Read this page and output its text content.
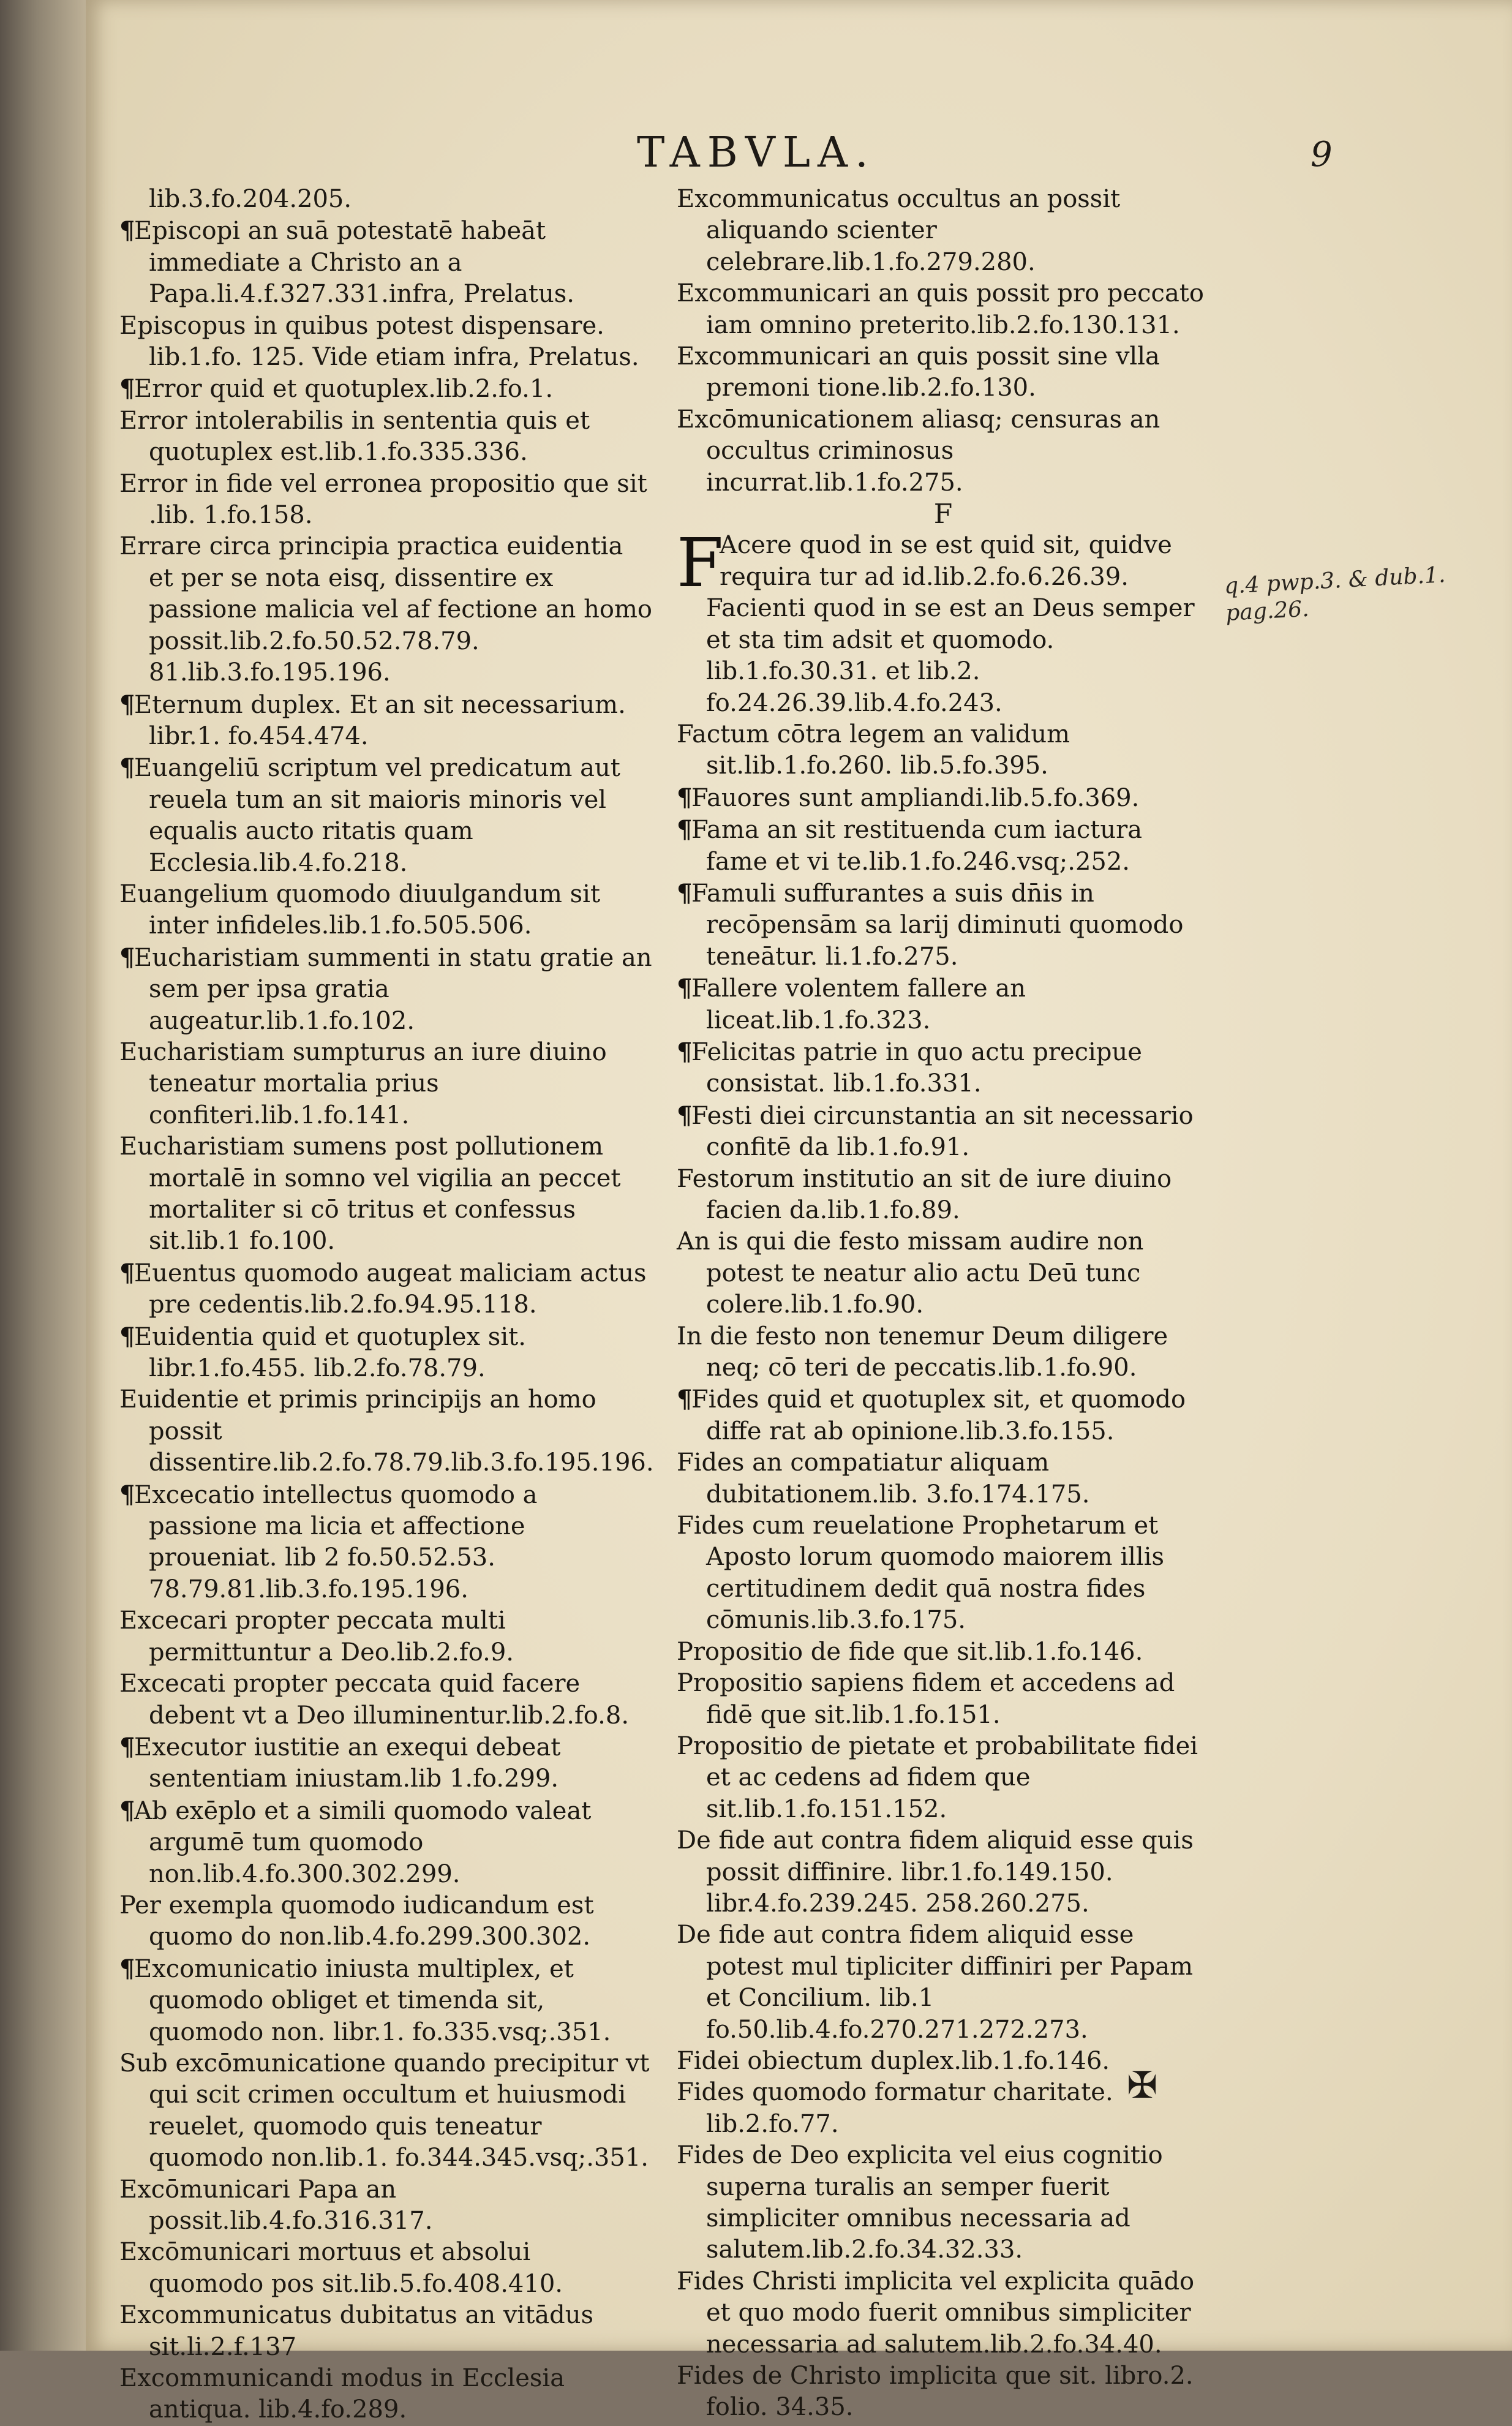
TABVLA.	9

lib.3.fo.204.205.

¶Episcopi an suā potestatē habeāt immediate a Christo an a Papa.li.4.f.327.331.infra, Prelatus.

Episcopus in quibus potest dispensare. lib.1.fo. 125. Vide etiam infra, Prelatus.

¶Error quid et quotuplex.lib.2.fo.1.

Error intolerabilis in sententia quis et quotuplex est.lib.1.fo.335.336.

Error in fide vel erronea propositio que sit .lib. 1.fo.158.

Errare circa principia practica euidentia et per se nota eisq, dissentire ex passione malicia vel af fectione an homo possit.lib.2.fo.50.52.78.79. 81.lib.3.fo.195.196.

¶Eternum duplex. Et an sit necessarium. libr.1. fo.454.474.

¶Euangeliū scriptum vel predicatum aut reuela tum an sit maioris minoris vel equalis aucto ritatis quam Ecclesia.lib.4.fo.218.

Euangelium quomodo diuulgandum sit inter infideles.lib.1.fo.505.506.

¶Eucharistiam summenti in statu gratie an sem per ipsa gratia augeatur.lib.1.fo.102.

Eucharistiam sumpturus an iure diuino teneatur mortalia prius confiteri.lib.1.fo.141.

Eucharistiam sumens post pollutionem mortalē in somno vel vigilia an peccet mortaliter si cō tritus et confessus sit.lib.1 fo.100.

¶Euentus quomodo augeat maliciam actus pre cedentis.lib.2.fo.94.95.118.

¶Euidentia quid et quotuplex sit. libr.1.fo.455. lib.2.fo.78.79.

Euidentie et primis principijs an homo possit dissentire.lib.2.fo.78.79.lib.3.fo.195.196.

¶Excecatio intellectus quomodo a passione ma licia et affectione proueniat. lib 2 fo.50.52.53. 78.79.81.lib.3.fo.195.196.

Excecari propter peccata multi permittuntur a Deo.lib.2.fo.9.

Excecati propter peccata quid facere debent vt a Deo illuminentur.lib.2.fo.8.

¶Executor iustitie an exequi debeat sententiam iniustam.lib 1.fo.299.

¶Ab exēplo et a simili quomodo valeat argumē tum quomodo non.lib.4.fo.300.302.299.

Per exempla quomodo iudicandum est quomo do non.lib.4.fo.299.300.302.

¶Excomunicatio iniusta multiplex, et quomodo obliget et timenda sit, quomodo non. libr.1. fo.335.vsq;.351.

Sub excōmunicatione quando precipitur vt qui scit crimen occultum et huiusmodi reuelet, quomodo quis teneatur quomodo non.lib.1. fo.344.345.vsq;.351.

Excōmunicari Papa an possit.lib.4.fo.316.317.

Excōmunicari mortuus et absolui quomodo pos sit.lib.5.fo.408.410.

Excommunicatus dubitatus an vitādus sit.li.2.f.137

Excommunicandi modus in Ecclesia antiqua. lib.4.fo.289.

Excommunicatus occultus an possit aliquando scienter celebrare.lib.1.fo.279.280.

Excommunicari an quis possit pro peccato iam omnino preterito.lib.2.fo.130.131.

Excommunicari an quis possit sine vlla premoni tione.lib.2.fo.130.

Excōmunicationem aliasq; censuras an occultus criminosus incurrat.lib.1.fo.275.

F

F
Acere quod in se est quid sit, quidve requira tur ad id.lib.2.fo.6.26.39.

Facienti quod in se est an Deus semper et sta tim adsit et quomodo. lib.1.fo.30.31. et lib.2. fo.24.26.39.lib.4.fo.243.

Factum cōtra legem an validum sit.lib.1.fo.260. lib.5.fo.395.

¶Fauores sunt ampliandi.lib.5.fo.369.

¶Fama an sit restituenda cum iactura fame et vi te.lib.1.fo.246.vsq;.252.

¶Famuli suffurantes a suis dn̄is in recōpensām sa larij diminuti quomodo teneātur. li.1.fo.275.

¶Fallere volentem fallere an liceat.lib.1.fo.323.

¶Felicitas patrie in quo actu precipue consistat. lib.1.fo.331.

¶Festi diei circunstantia an sit necessario confitē da lib.1.fo.91.

Festorum institutio an sit de iure diuino facien da.lib.1.fo.89.

An is qui die festo missam audire non potest te neatur alio actu Deū tunc colere.lib.1.fo.90.

In die festo non tenemur Deum diligere neq; cō teri de peccatis.lib.1.fo.90.

¶Fides quid et quotuplex sit, et quomodo diffe rat ab opinione.lib.3.fo.155.

Fides an compatiatur aliquam dubitationem.lib. 3.fo.174.175.

Fides cum reuelatione Prophetarum et Aposto lorum quomodo maiorem illis certitudinem dedit quā nostra fides cōmunis.lib.3.fo.175.

Propositio de fide que sit.lib.1.fo.146.

Propositio sapiens fidem et accedens ad fidē que sit.lib.1.fo.151.

Propositio de pietate et probabilitate fidei et ac cedens ad fidem que sit.lib.1.fo.151.152.

De fide aut contra fidem aliquid esse quis possit diffinire. libr.1.fo.149.150. libr.4.fo.239.245. 258.260.275.

De fide aut contra fidem aliquid esse potest mul tipliciter diffiniri per Papam et Concilium. lib.1 fo.50.lib.4.fo.270.271.272.273.

Fidei obiectum duplex.lib.1.fo.146.

Fides quomodo formatur charitate. lib.2.fo.77.

Fides de Deo explicita vel eius cognitio superna turalis an semper fuerit simpliciter omnibus necessaria ad salutem.lib.2.fo.34.32.33.

Fides Christi implicita vel explicita quādo et quo modo fuerit omnibus simpliciter necessaria ad salutem.lib.2.fo.34.40.

Fides de Christo implicita que sit. libro.2. folio. 34.35.

q.4 pwp.3. & dub.1. pag.26.
✠
